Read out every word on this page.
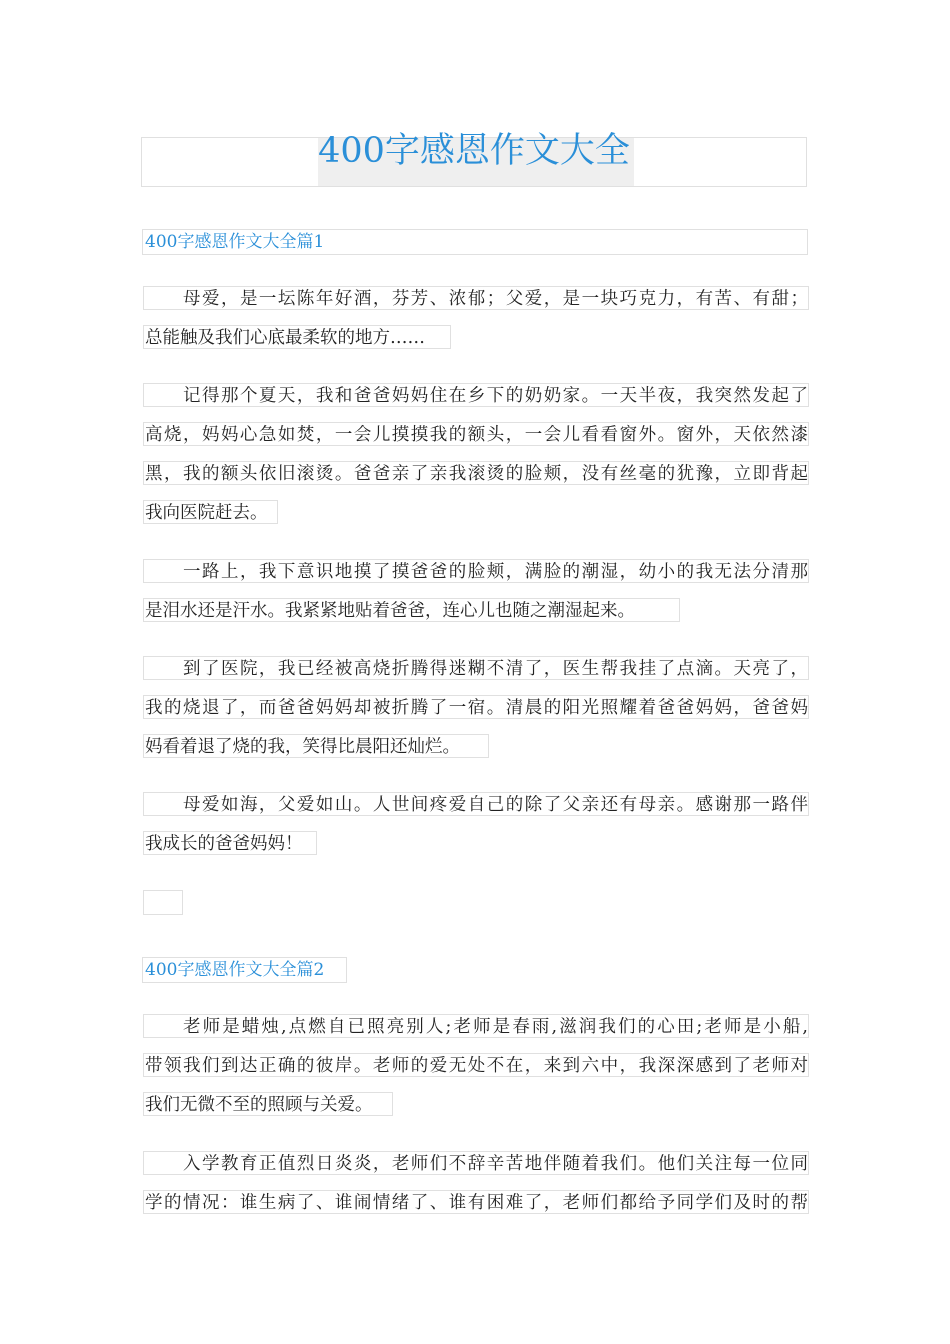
400字感恩作文大全
400字感恩作文大全篇1
母爱，是一坛陈年好酒，芬芳、浓郁；父爱，是一块巧克力，有苦、有甜；
总能触及我们心底最柔软的地方……
记得那个夏天，我和爸爸妈妈住在乡下的奶奶家。一天半夜，我突然发起了
高烧，妈妈心急如焚，一会儿摸摸我的额头，一会儿看看窗外。窗外，天依然漆
黑，我的额头依旧滚烫。爸爸亲了亲我滚烫的脸颊，没有丝毫的犹豫，立即背起
我向医院赶去。
一路上，我下意识地摸了摸爸爸的脸颊，满脸的潮湿，幼小的我无法分清那
是泪水还是汗水。我紧紧地贴着爸爸，连心儿也随之潮湿起来。
到了医院，我已经被高烧折腾得迷糊不清了，医生帮我挂了点滴。天亮了，
我的烧退了，而爸爸妈妈却被折腾了一宿。清晨的阳光照耀着爸爸妈妈，爸爸妈
妈看着退了烧的我，笑得比晨阳还灿烂。
母爱如海，父爱如山。人世间疼爱自己的除了父亲还有母亲。感谢那一路伴
我成长的爸爸妈妈！
400字感恩作文大全篇2
老师是蜡烛,点燃自已照亮别人;老师是春雨,滋润我们的心田;老师是小船,
带领我们到达正确的彼岸。老师的爱无处不在，来到六中，我深深感到了老师对
我们无微不至的照顾与关爱。
入学教育正值烈日炎炎，老师们不辞辛苦地伴随着我们。他们关注每一位同
学的情况：谁生病了、谁闹情绪了、谁有困难了，老师们都给予同学们及时的帮
